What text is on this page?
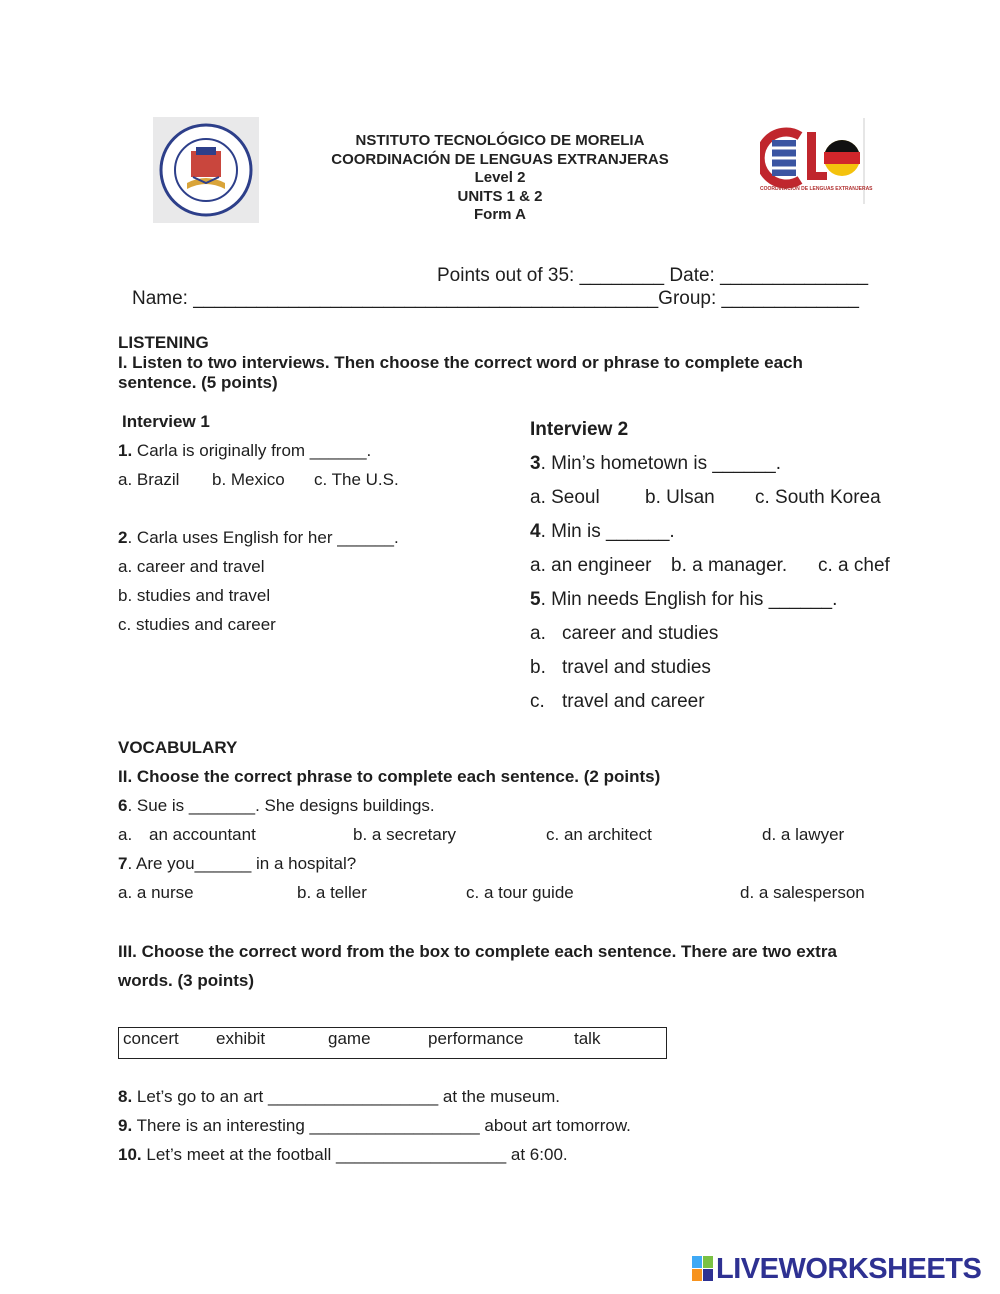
COORDINACIÓN DE LENGUAS EXTRANJERAS
NSTITUTO TECNOLÓGICO DE MORELIA
COORDINACIÓN DE LENGUAS EXTRANJERAS
Level 2
UNITS 1 & 2
Form A
Points out of 35: ________ Date: ______________
Name: ____________________________________________Group: _____________
LISTENING
I. Listen to two interviews. Then choose the correct word or phrase to complete each
sentence. (5 points)
Interview 1
1. Carla is originally from ______.
a. Brazil b. Mexico c. The U.S.
2. Carla uses English for her ______.
a. career and travel
b. studies and travel
c. studies and career
Interview 2
3. Min’s hometown is ______.
a. Seoul b. Ulsan c. South Korea
4. Min is ______.
a. an engineer b. a manager. c. a chef
5. Min needs English for his ______.
a. career and studies
b. travel and studies
c. travel and career
VOCABULARY
II. Choose the correct phrase to complete each sentence. (2 points)
6. Sue is _______. She designs buildings.
a. an accountant	b. a secretary	c. an architect	d. a lawyer
7. Are you______ in a hospital?
a. a nurse	b. a teller	c. a tour guide	d. a salesperson
III. Choose the correct word from the box to complete each sentence. There are two extra
words. (3 points)
concert exhibit	game	performance	talk
8. Let’s go to an art __________________ at the museum.
9. There is an interesting __________________ about art tomorrow.
10. Let’s meet at the football __________________ at 6:00.
LIVEWORKSHEETS
